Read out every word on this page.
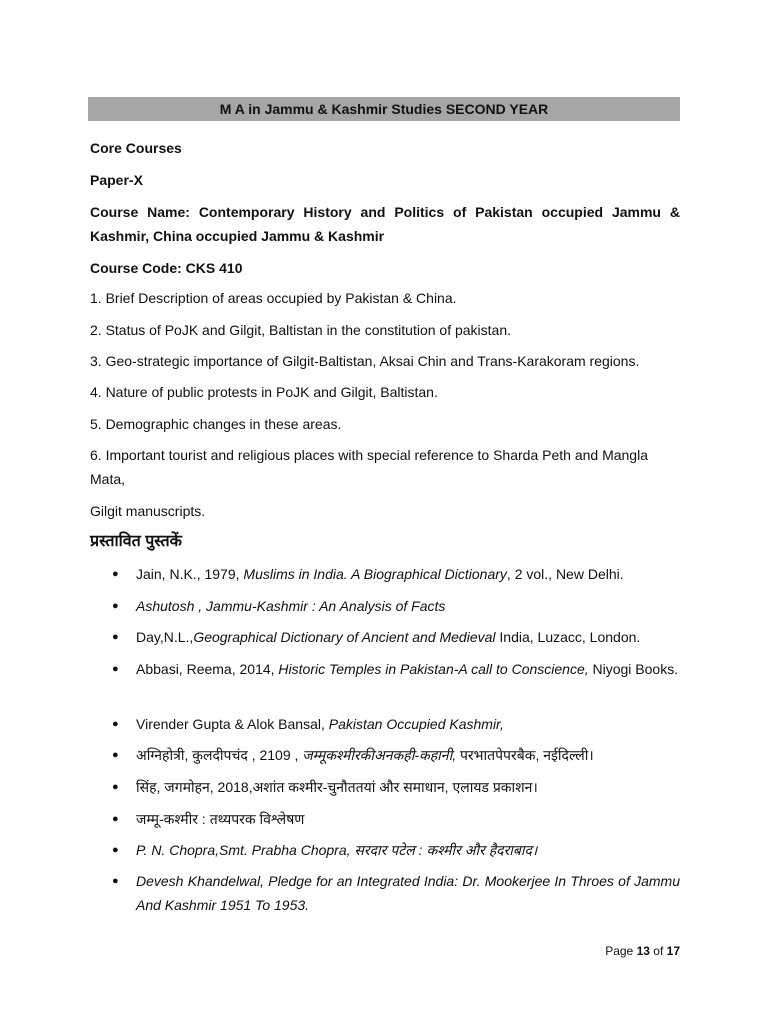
M A in Jammu & Kashmir Studies SECOND YEAR
Core Courses
Paper-X
Course Name: Contemporary History and Politics of Pakistan occupied Jammu & Kashmir, China occupied Jammu & Kashmir
Course Code: CKS 410
1. Brief Description of areas occupied by Pakistan & China.
2. Status of PoJK and Gilgit, Baltistan in the constitution of pakistan.
3. Geo-strategic importance of Gilgit-Baltistan, Aksai Chin and Trans-Karakoram regions.
4. Nature of public protests in PoJK and Gilgit, Baltistan.
5. Demographic changes in these areas.
6. Important tourist and religious places with special reference to Sharda Peth and Mangla Mata,
Gilgit manuscripts.
प्रस्तावित पुस्तकें
● Jain, N.K., 1979, Muslims in India. A Biographical Dictionary, 2 vol., New Delhi.
● Ashutosh , Jammu-Kashmir : An Analysis of Facts
● Day,N.L.,Geographical Dictionary of Ancient and Medieval India, Luzacc, London.
● Abbasi, Reema, 2014, Historic Temples in Pakistan-A call to Conscience, Niyogi Books.
● Virender Gupta & Alok Bansal, Pakistan Occupied Kashmir,
● अग्निहोत्री, कुलदीपचंद , 2109 , जम्मूकश्मीरकीअनकही-कहानी, परभातपेपरबैक, नईदिल्ली।
● सिंह, जगमोहन, 2018,अशांत कश्मीर-चुनौततयां और समाधान, एलायड प्रकाशन।
● जम्मू-कश्मीर : तथ्यपरक विश्लेषण
● P. N. Chopra,Smt. Prabha Chopra, सरदार पटेल : कश्मीर और हैदराबाद।
● Devesh Khandelwal, Pledge for an Integrated India: Dr. Mookerjee In Throes of Jammu And Kashmir 1951 To 1953.
Page 13 of 17
